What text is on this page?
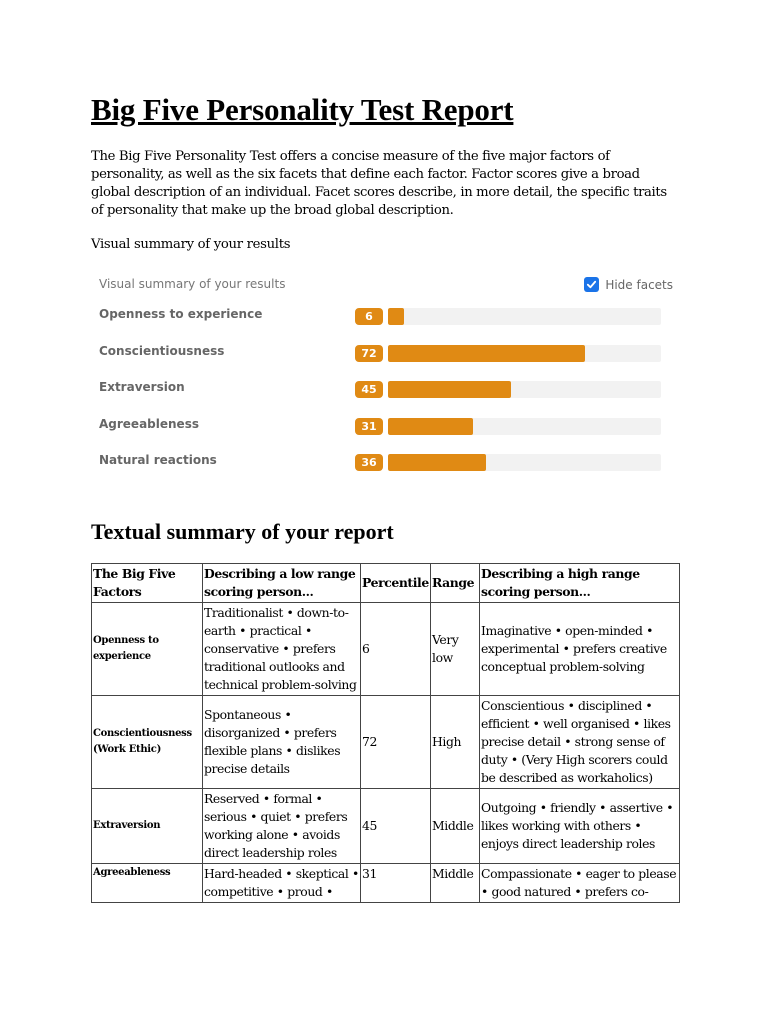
Big Five Personality Test Report

The Big Five Personality Test offers a concise measure of the five major factors of personality, as well as the six facets that define each factor. Factor scores give a broad global description of an individual. Facet scores describe, in more detail, the specific traits of personality that make up the broad global description.

Visual summary of your results

Visual summary of your results	Hide facets
Openness to experience	6
Conscientiousness	72
Extraversion	45
Agreeableness	31
Natural reactions	36
Textual summary of your report
The Big Five Factors	Describing a low range scoring person...	Percentile	Range	Describing a high range scoring person...
Openness to experience	Traditionalist • down-to-earth • practical • conservative • prefers traditional outlooks and technical problem-solving	6	Very low	Imaginative • open-minded • experimental • prefers creative conceptual problem-solving
Conscientiousness (Work Ethic)	Spontaneous • disorganized • prefers flexible plans • dislikes precise details	72	High	Conscientious • disciplined • efficient • well organised • likes precise detail • strong sense of duty • (Very High scorers could be described as workaholics)
Extraversion	Reserved • formal • serious • quiet • prefers working alone • avoids direct leadership roles	45	Middle	Outgoing • friendly • assertive • likes working with others • enjoys direct leadership roles
Agreeableness	Hard-headed • skeptical • competitive • proud •	31	Middle	Compassionate • eager to please • good natured • prefers co-
